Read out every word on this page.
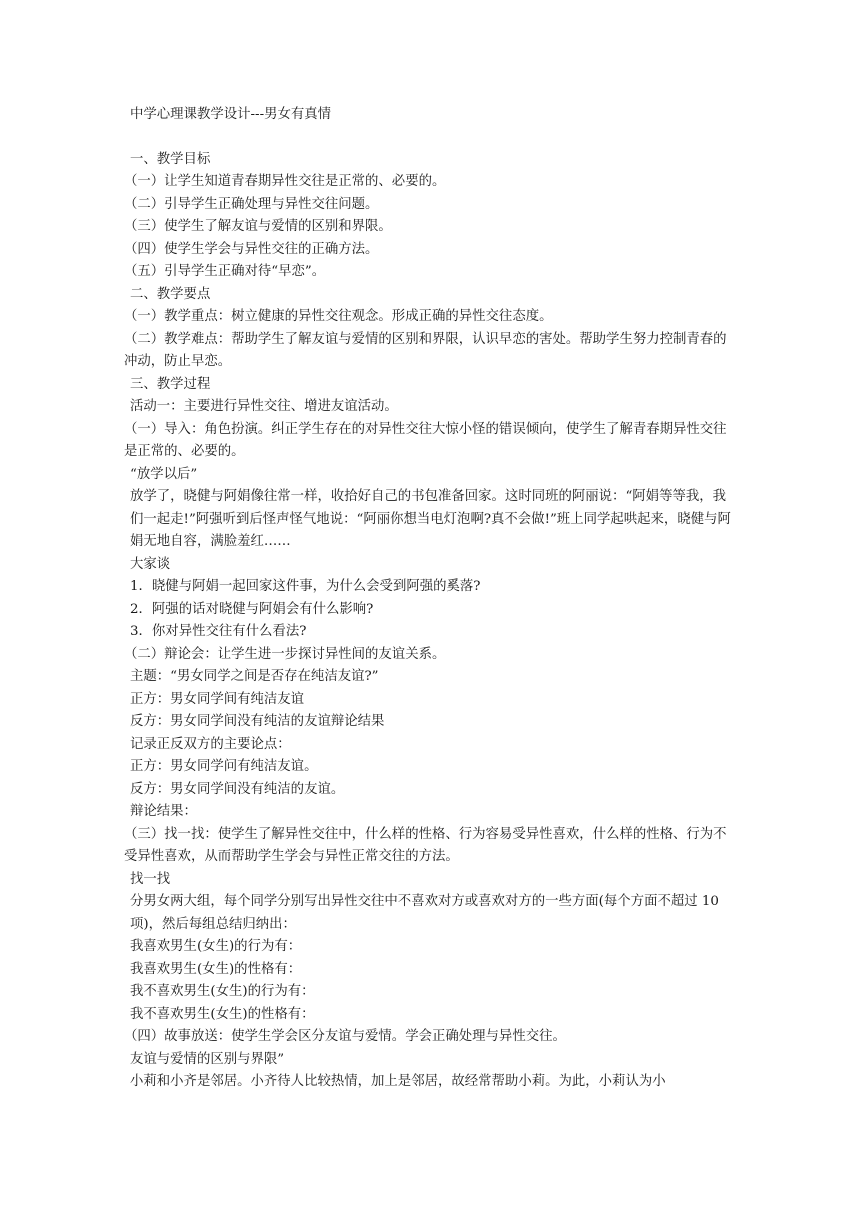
中学心理课教学设计---男女有真情

一、教学目标

（一）让学生知道青春期异性交往是正常的、必要的。

（二）引导学生正确处理与异性交往问题。

（三）使学生了解友谊与爱情的区别和界限。

（四）使学生学会与异性交往的正确方法。

（五）引导学生正确对待“早恋”。

二、教学要点

（一）教学重点：树立健康的异性交往观念。形成正确的异性交往态度。

（二）教学难点：帮助学生了解友谊与爱情的区别和界限，认识早恋的害处。帮助学生努力控制青春的冲动，防止早恋。

三、教学过程

活动一：主要进行异性交往、增进友谊活动。

（一）导入：角色扮演。纠正学生存在的对异性交往大惊小怪的错误倾向，使学生了解青春期异性交往是正常的、必要的。

“放学以后”

放学了，晓健与阿娟像往常一样，收拾好自己的书包准备回家。这时同班的阿丽说：“阿娟等等我，我们一起走!”阿强听到后怪声怪气地说：“阿丽你想当电灯泡啊?真不会做!”班上同学起哄起来，晓健与阿娟无地自容，满脸羞红……

大家谈

1．晓健与阿娟一起回家这件事，为什么会受到阿强的奚落?

2．阿强的话对晓健与阿娟会有什么影响?

3．你对异性交往有什么看法?

（二）辩论会：让学生进一步探讨异性间的友谊关系。

主题：“男女同学之间是否存在纯洁友谊?”

正方：男女同学间有纯洁友谊

反方：男女同学间没有纯洁的友谊辩论结果

记录正反双方的主要论点：

正方：男女同学问有纯洁友谊。

反方：男女同学间没有纯洁的友谊。

辩论结果：

（三）找一找：使学生了解异性交往中，什么样的性格、行为容易受异性喜欢，什么样的性格、行为不受异性喜欢，从而帮助学生学会与异性正常交往的方法。

找一找

分男女两大组，每个同学分别写出异性交往中不喜欢对方或喜欢对方的一些方面(每个方面不超过 10 项)，然后每组总结归纳出：

我喜欢男生(女生)的行为有：

我喜欢男生(女生)的性格有：

我不喜欢男生(女生)的行为有：

我不喜欢男生(女生)的性格有：

（四）故事放送：使学生学会区分友谊与爱情。学会正确处理与异性交往。

友谊与爱情的区别与界限”

小莉和小齐是邻居。小齐待人比较热情，加上是邻居，故经常帮助小莉。为此，小莉认为小
